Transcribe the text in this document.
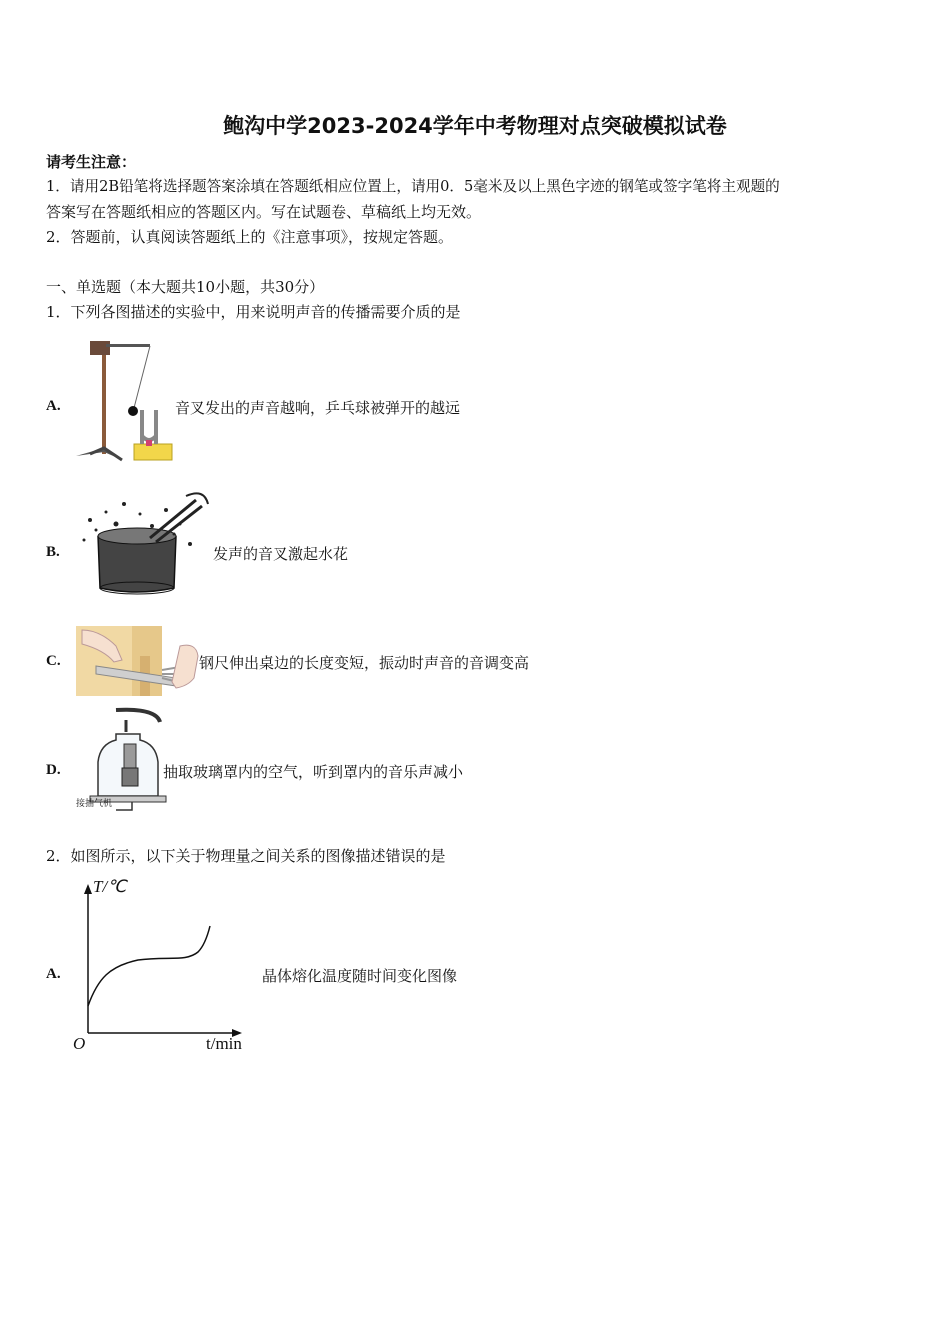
鲍沟中学2023-2024学年中考物理对点突破模拟试卷
请考生注意：
1．请用2B铅笔将选择题答案涂填在答题纸相应位置上，请用0．5毫米及以上黑色字迹的钢笔或签字笔将主观题的
答案写在答题纸相应的答题区内。写在试题卷、草稿纸上均无效。
2．答题前，认真阅读答题纸上的《注意事项》，按规定答题。
一、单选题（本大题共10小题，共30分）
1．下列各图描述的实验中，用来说明声音的传播需要介质的是
A.	音叉发出的声音越响，乒乓球被弹开的越远
B.	发声的音叉激起水花
C.	钢尺伸出桌边的长度变短，振动时声音的音调变高
D.
接抽气机
抽取玻璃罩内的空气，听到罩内的音乐声减小
2．如图所示，以下关于物理量之间关系的图像描述错误的是
A.
T/℃
t/min
O
晶体熔化温度随时间变化图像
